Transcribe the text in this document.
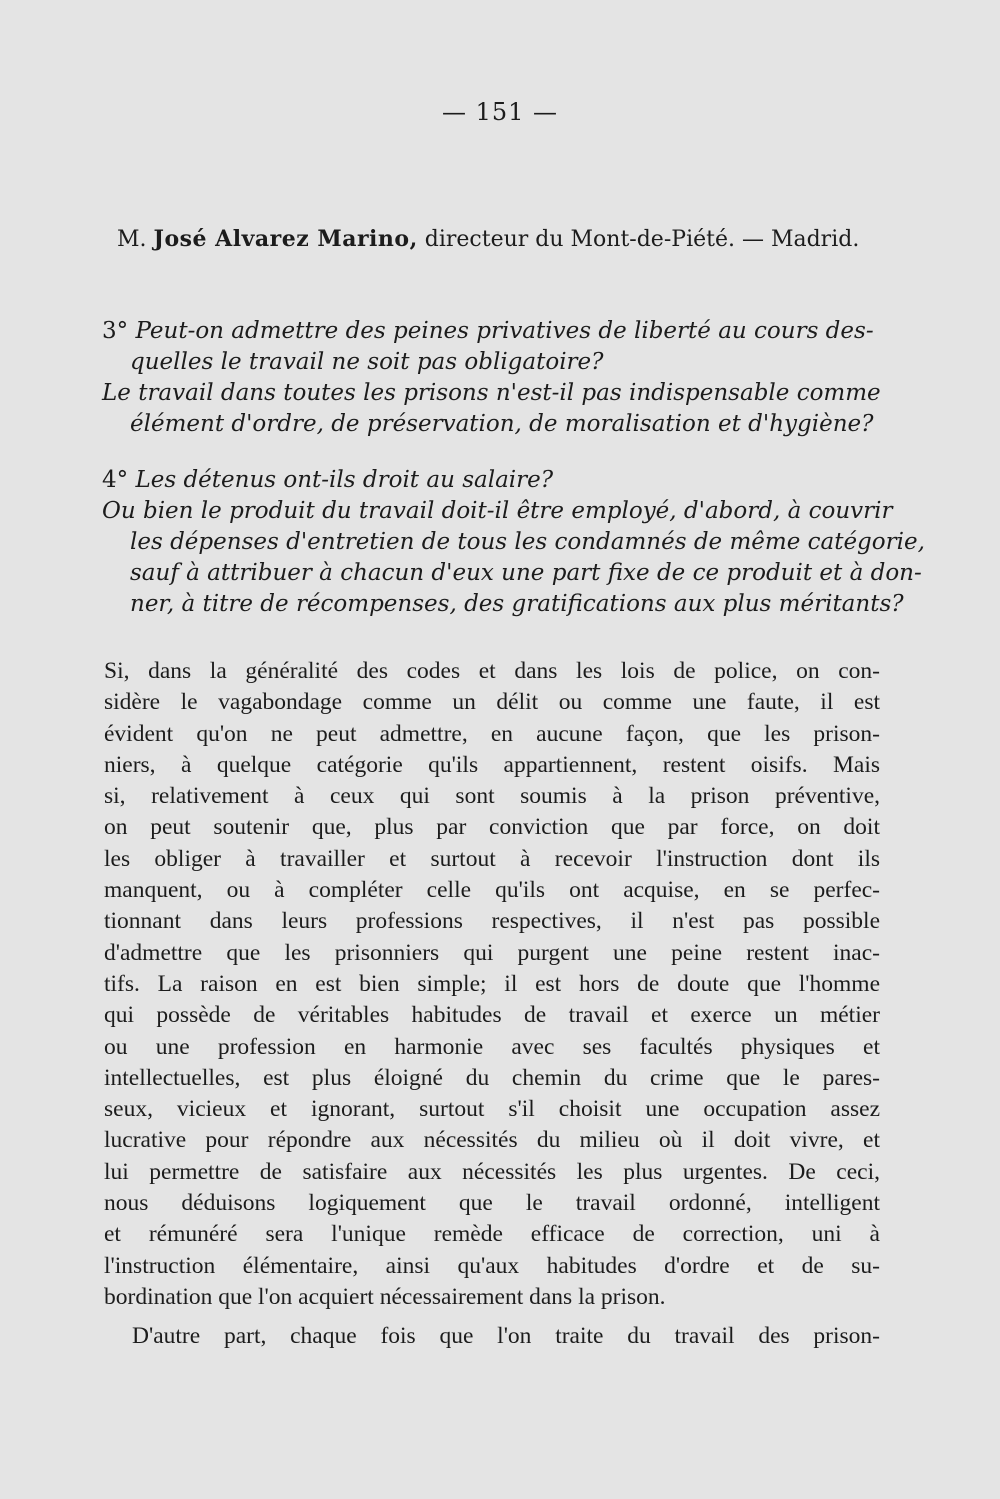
— 151 —
M. José Alvarez Marino, directeur du Mont-de-Piété. — Madrid.
3° Peut-on admettre des peines privatives de liberté au cours des-
quelles le travail ne soit pas obligatoire?
Le travail dans toutes les prisons n'est-il pas indispensable comme
élément d'ordre, de préservation, de moralisation et d'hygiène?
4° Les détenus ont-ils droit au salaire?
Ou bien le produit du travail doit-il être employé, d'abord, à couvrir
les dépenses d'entretien de tous les condamnés de même catégorie,
sauf à attribuer à chacun d'eux une part fixe de ce produit et à don-
ner, à titre de récompenses, des gratifications aux plus méritants?
Si, dans la généralité des codes et dans les lois de police, on con-
sidère le vagabondage comme un délit ou comme une faute, il est
évident qu'on ne peut admettre, en aucune façon, que les prison-
niers, à quelque catégorie qu'ils appartiennent, restent oisifs. Mais
si, relativement à ceux qui sont soumis à la prison préventive,
on peut soutenir que, plus par conviction que par force, on doit
les obliger à travailler et surtout à recevoir l'instruction dont ils
manquent, ou à compléter celle qu'ils ont acquise, en se perfec-
tionnant dans leurs professions respectives, il n'est pas possible
d'admettre que les prisonniers qui purgent une peine restent inac-
tifs. La raison en est bien simple; il est hors de doute que l'homme
qui possède de véritables habitudes de travail et exerce un métier
ou une profession en harmonie avec ses facultés physiques et
intellectuelles, est plus éloigné du chemin du crime que le pares-
seux, vicieux et ignorant, surtout s'il choisit une occupation assez
lucrative pour répondre aux nécessités du milieu où il doit vivre, et
lui permettre de satisfaire aux nécessités les plus urgentes. De ceci,
nous déduisons logiquement que le travail ordonné, intelligent
et rémunéré sera l'unique remède efficace de correction, uni à
l'instruction élémentaire, ainsi qu'aux habitudes d'ordre et de su-
bordination que l'on acquiert nécessairement dans la prison.
D'autre part, chaque fois que l'on traite du travail des prison-
